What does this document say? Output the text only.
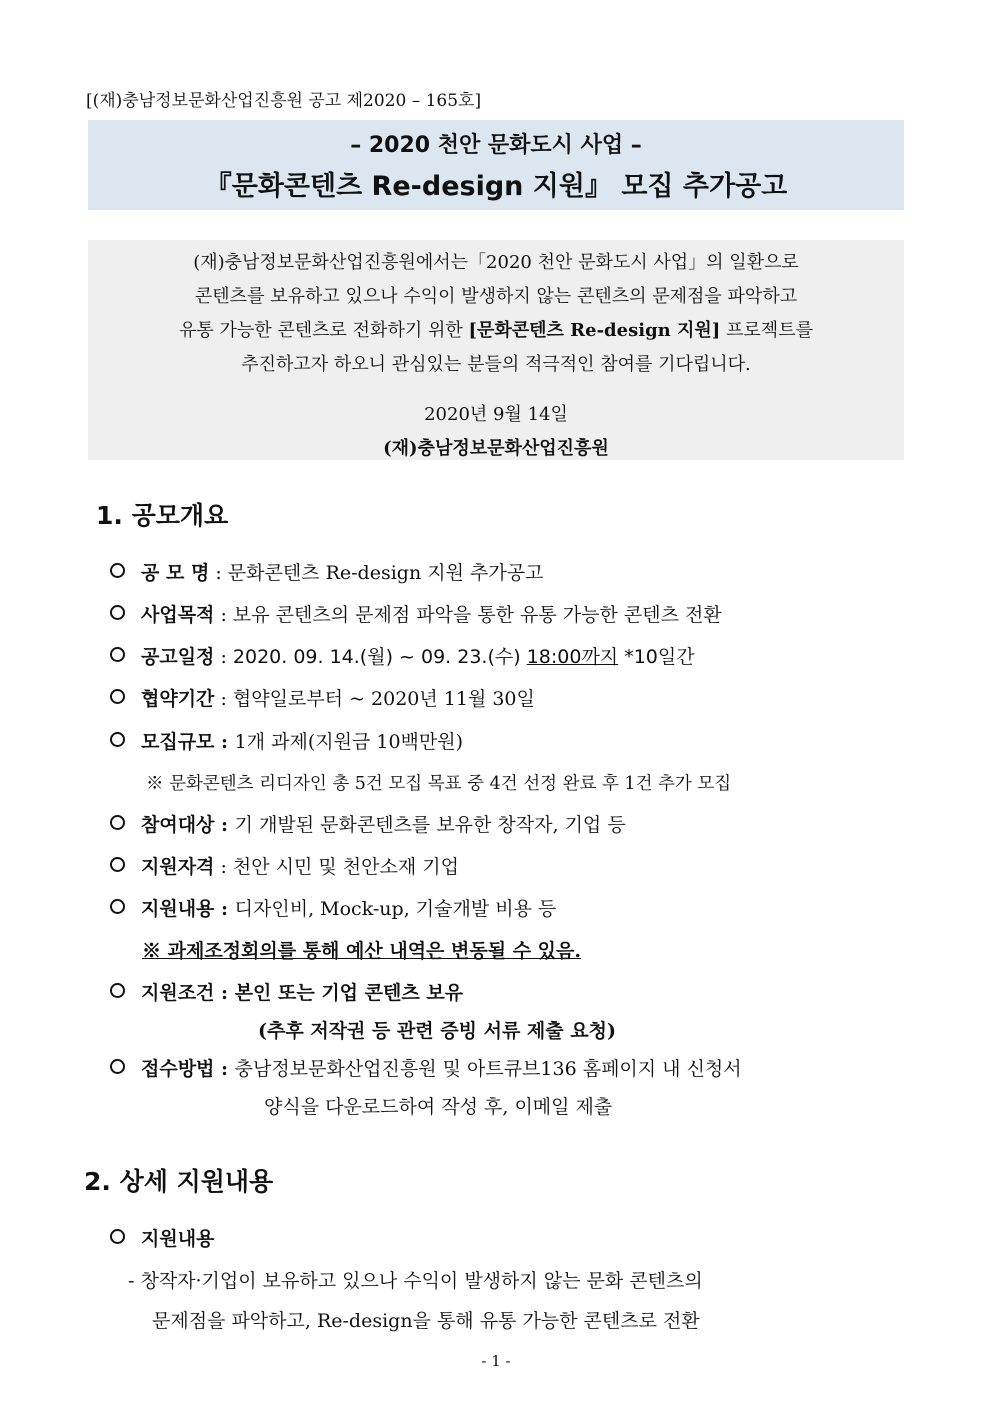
[(재)충남정보문화산업진흥원 공고 제2020 – 165호]
– 2020 천안 문화도시 사업 –
『문화콘텐츠 Re-design 지원』 모집 추가공고
(재)충남정보문화산업진흥원에서는「2020 천안 문화도시 사업」의 일환으로
콘텐츠를 보유하고 있으나 수익이 발생하지 않는 콘텐츠의 문제점을 파악하고
유통 가능한 콘텐츠로 전화하기 위한 [문화콘텐츠 Re-design 지원] 프로젝트를
추진하고자 하오니 관심있는 분들의 적극적인 참여를 기다립니다.
2020년 9월 14일
(재)충남정보문화산업진흥원
1. 공모개요
공 모 명 : 문화콘텐츠 Re-design 지원 추가공고
사업목적 : 보유 콘텐츠의 문제점 파악을 통한 유통 가능한 콘텐츠 전환
공고일정 : 2020. 09. 14.(월) ~ 09. 23.(수) 18:00까지 *10일간
협약기간 : 협약일로부터 ~ 2020년 11월 30일
모집규모 : 1개 과제(지원금 10백만원)
※ 문화콘텐츠 리디자인 총 5건 모집 목표 중 4건 선정 완료 후 1건 추가 모집
참여대상 : 기 개발된 문화콘텐츠를 보유한 창작자, 기업 등
지원자격 : 천안 시민 및 천안소재 기업
지원내용 : 디자인비, Mock-up, 기술개발 비용 등
※ 과제조정회의를 통해 예산 내역은 변동될 수 있음.
지원조건 : 본인 또는 기업 콘텐츠 보유
(추후 저작권 등 관련 증빙 서류 제출 요청)
접수방법 : 충남정보문화산업진흥원 및 아트큐브136 홈페이지 내 신청서
양식을 다운로드하여 작성 후, 이메일 제출
2. 상세 지원내용
지원내용
- 창작자·기업이 보유하고 있으나 수익이 발생하지 않는 문화 콘텐츠의
문제점을 파악하고, Re-design을 통해 유통 가능한 콘텐츠로 전환
- 1 -
